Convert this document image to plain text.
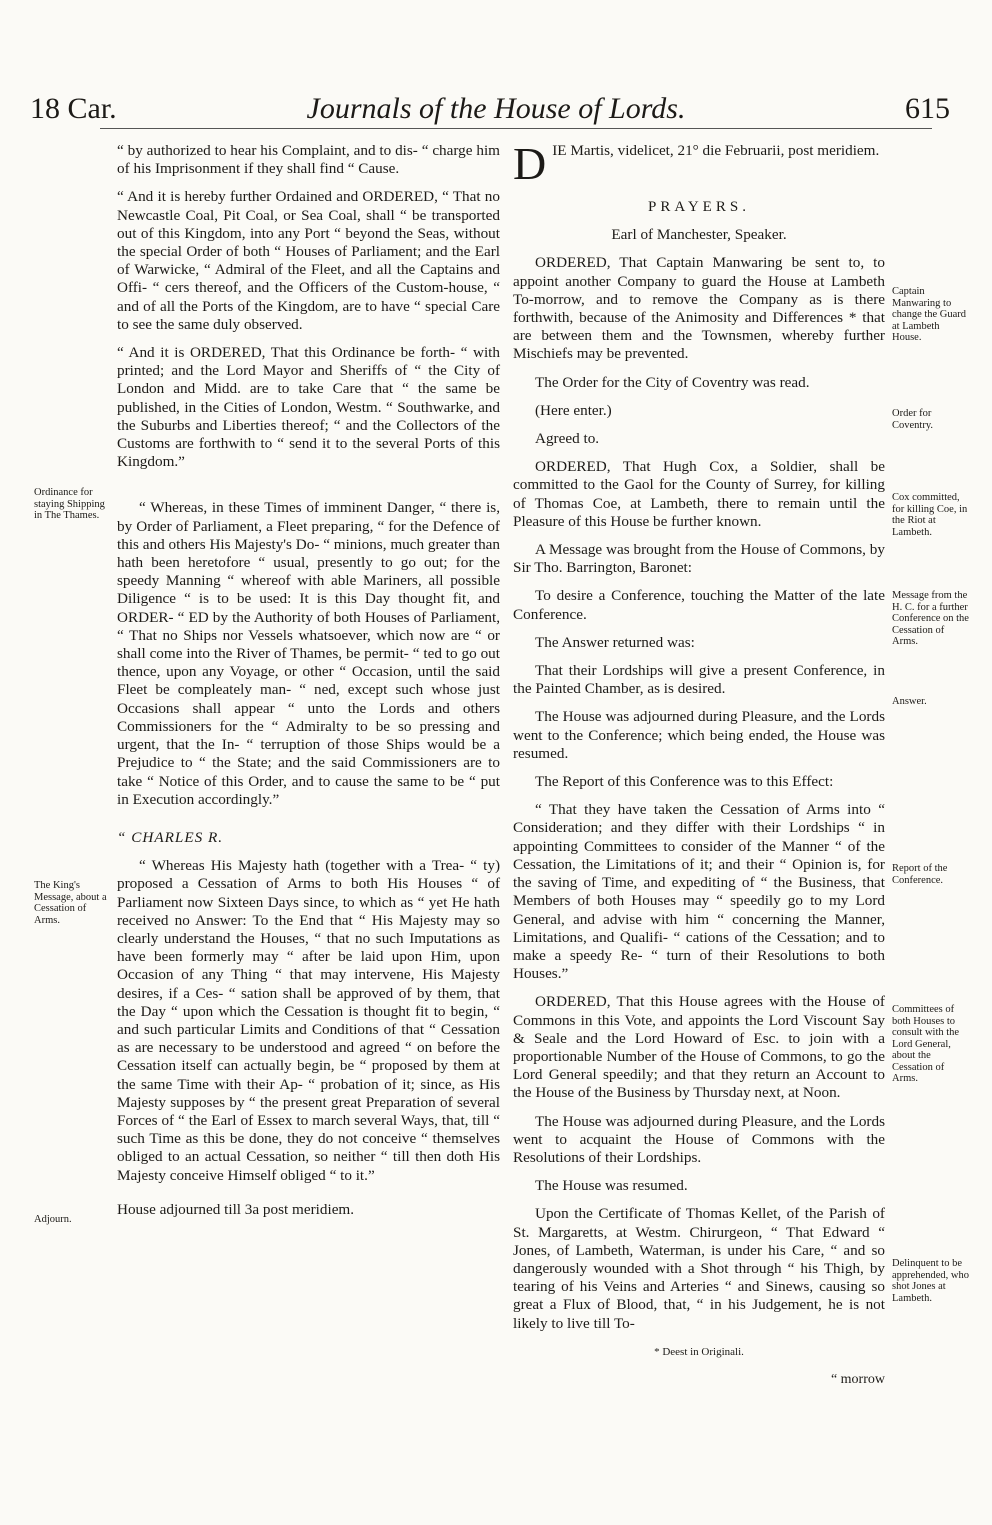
18 Car.	Journals of the House of Lords.	615
Ordinance for staying Shipping in The Thames.
The King's Message, about a Cessation of Arms.
Adjourn.

“ by authorized to hear his Complaint, and to dis- “ charge him of his Imprisonment if they shall find “ Cause.

“ And it is hereby further Ordained and ORDERED, “ That no Newcastle Coal, Pit Coal, or Sea Coal, shall “ be transported out of this Kingdom, into any Port “ beyond the Seas, without the special Order of both “ Houses of Parliament; and the Earl of Warwicke, “ Admiral of the Fleet, and all the Captains and Offi- “ cers thereof, and the Officers of the Custom-house, “ and of all the Ports of the Kingdom, are to have “ special Care to see the same duly observed.

“ And it is ORDERED, That this Ordinance be forth- “ with printed; and the Lord Mayor and Sheriffs of “ the City of London and Midd. are to take Care that “ the same be published, in the Cities of London, Westm. “ Southwarke, and the Suburbs and Liberties thereof; “ and the Collectors of the Customs are forthwith to “ send it to the several Ports of this Kingdom.”

“ Whereas, in these Times of imminent Danger, “ there is, by Order of Parliament, a Fleet preparing, “ for the Defence of this and others His Majesty's Do- “ minions, much greater than hath been heretofore “ usual, presently to go out; for the speedy Manning “ whereof with able Mariners, all possible Diligence “ is to be used: It is this Day thought fit, and ORDER- “ ED by the Authority of both Houses of Parliament, “ That no Ships nor Vessels whatsoever, which now are “ or shall come into the River of Thames, be permit- “ ted to go out thence, upon any Voyage, or other “ Occasion, until the said Fleet be compleately man- “ ned, except such whose just Occasions shall appear “ unto the Lords and others Commissioners for the “ Admiralty to be so pressing and urgent, that the In- “ terruption of those Ships would be a Prejudice to “ the State; and the said Commissioners are to take “ Notice of this Order, and to cause the same to be “ put in Execution accordingly.”

“ CHARLES R.

“ Whereas His Majesty hath (together with a Trea- “ ty) proposed a Cessation of Arms to both His Houses “ of Parliament now Sixteen Days since, to which as “ yet He hath received no Answer: To the End that “ His Majesty may so clearly understand the Houses, “ that no such Imputations as have been formerly may “ after be laid upon Him, upon Occasion of any Thing “ that may intervene, His Majesty desires, if a Ces- “ sation shall be approved of by them, that the Day “ upon which the Cessation is thought fit to begin, “ and such particular Limits and Conditions of that “ Cessation as are necessary to be understood and agreed “ on before the Cessation itself can actually begin, be “ proposed by them at the same Time with their Ap- “ probation of it; since, as His Majesty supposes by “ the present great Preparation of several Forces of “ the Earl of Essex to march several Ways, that, till “ such Time as this be done, they do not conceive “ themselves obliged to an actual Cessation, so neither “ till then doth His Majesty conceive Himself obliged “ to it.”

House adjourned till 3a post meridiem.

Captain Manwaring to change the Guard at Lambeth House.
Order for Coventry.
Cox committed, for killing Coe, in the Riot at Lambeth.
Message from the H. C. for a further Conference on the Cessation of Arms.
Answer.
Report of the Conference.
Committees of both Houses to consult with the Lord General, about the Cessation of Arms.
Delinquent to be apprehended, who shot Jones at Lambeth.

DIE Martis, videlicet, 21° die Februarii, post meridiem.

PRAYERS.

Earl of Manchester, Speaker.

ORDERED, That Captain Manwaring be sent to, to appoint another Company to guard the House at Lambeth To-morrow, and to remove the Company as is there forthwith, because of the Animosity and Differences * that are between them and the Townsmen, whereby further Mischiefs may be prevented.

The Order for the City of Coventry was read.

(Here enter.)

Agreed to.

ORDERED, That Hugh Cox, a Soldier, shall be committed to the Gaol for the County of Surrey, for killing of Thomas Coe, at Lambeth, there to remain until the Pleasure of this House be further known.

A Message was brought from the House of Commons, by Sir Tho. Barrington, Baronet:

To desire a Conference, touching the Matter of the late Conference.

The Answer returned was:

That their Lordships will give a present Conference, in the Painted Chamber, as is desired.

The House was adjourned during Pleasure, and the Lords went to the Conference; which being ended, the House was resumed.

The Report of this Conference was to this Effect:

“ That they have taken the Cessation of Arms into “ Consideration; and they differ with their Lordships “ in appointing Committees to consider of the Manner “ of the Cessation, the Limitations of it; and their “ Opinion is, for the saving of Time, and expediting of “ the Business, that Members of both Houses may “ speedily go to my Lord General, and advise with him “ concerning the Manner, Limitations, and Qualifi- “ cations of the Cessation; and to make a speedy Re- “ turn of their Resolutions to both Houses.”

ORDERED, That this House agrees with the House of Commons in this Vote, and appoints the Lord Viscount Say & Seale and the Lord Howard of Esc. to join with a proportionable Number of the House of Commons, to go the Lord General speedily; and that they return an Account to the House of the Business by Thursday next, at Noon.

The House was adjourned during Pleasure, and the Lords went to acquaint the House of Commons with the Resolutions of their Lordships.

The House was resumed.

Upon the Certificate of Thomas Kellet, of the Parish of St. Margaretts, at Westm. Chirurgeon, “ That Edward “ Jones, of Lambeth, Waterman, is under his Care, “ and so dangerously wounded with a Shot through “ his Thigh, by tearing of his Veins and Arteries “ and Sinews, causing so great a Flux of Blood, that, “ in his Judgement, he is not likely to live till To-

* Deest in Originali.

“ morrow
